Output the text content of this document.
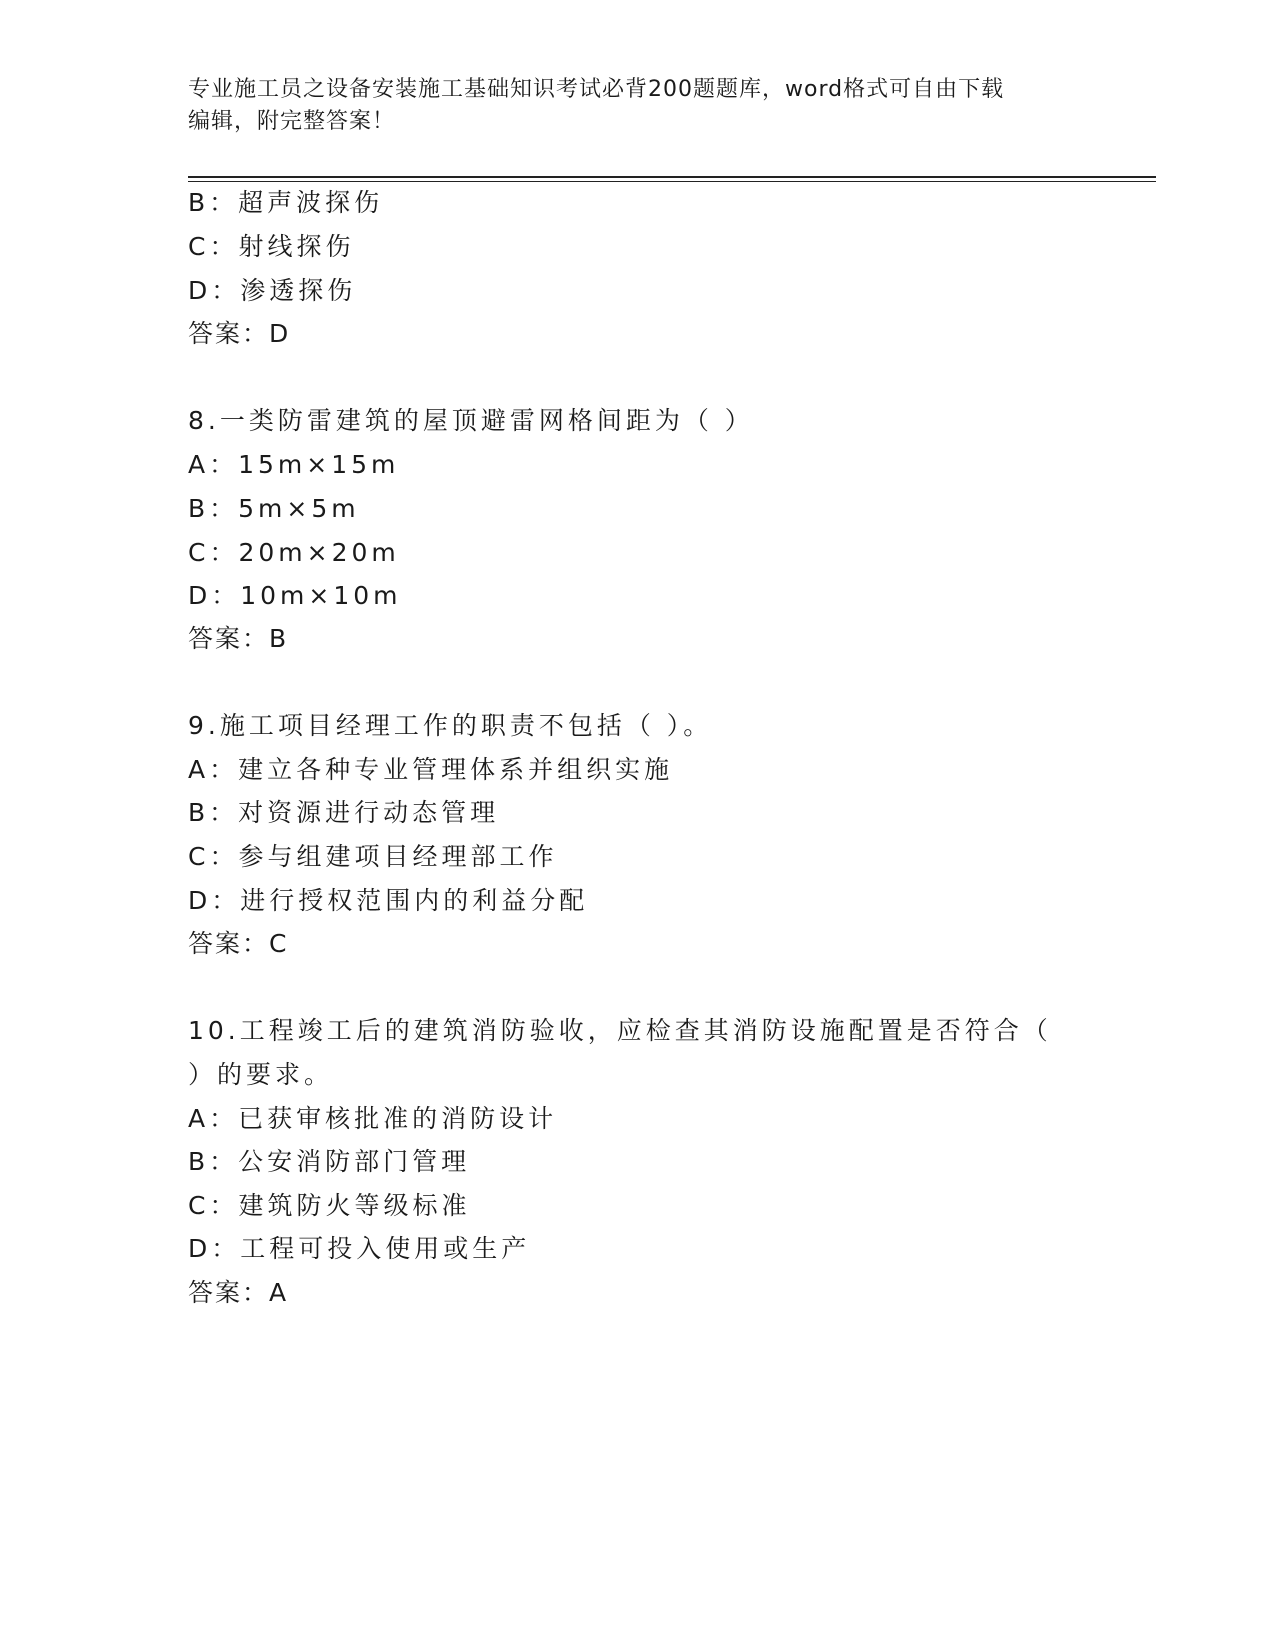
专业施工员之设备安装施工基础知识考试必背200题题库，word格式可自由下载
编辑，附完整答案！
B：超声波探伤
C：射线探伤
D：渗透探伤
答案：D
8.一类防雷建筑的屋顶避雷网格间距为（ ）
A：15m×15m
B：5m×5m
C：20m×20m
D：10m×10m
答案：B
9.施工项目经理工作的职责不包括（ ）。
A：建立各种专业管理体系并组织实施
B：对资源进行动态管理
C：参与组建项目经理部工作
D：进行授权范围内的利益分配
答案：C
10.工程竣工后的建筑消防验收，应检查其消防设施配置是否符合（
）的要求。
A：已获审核批准的消防设计
B：公安消防部门管理
C：建筑防火等级标准
D：工程可投入使用或生产
答案：A
